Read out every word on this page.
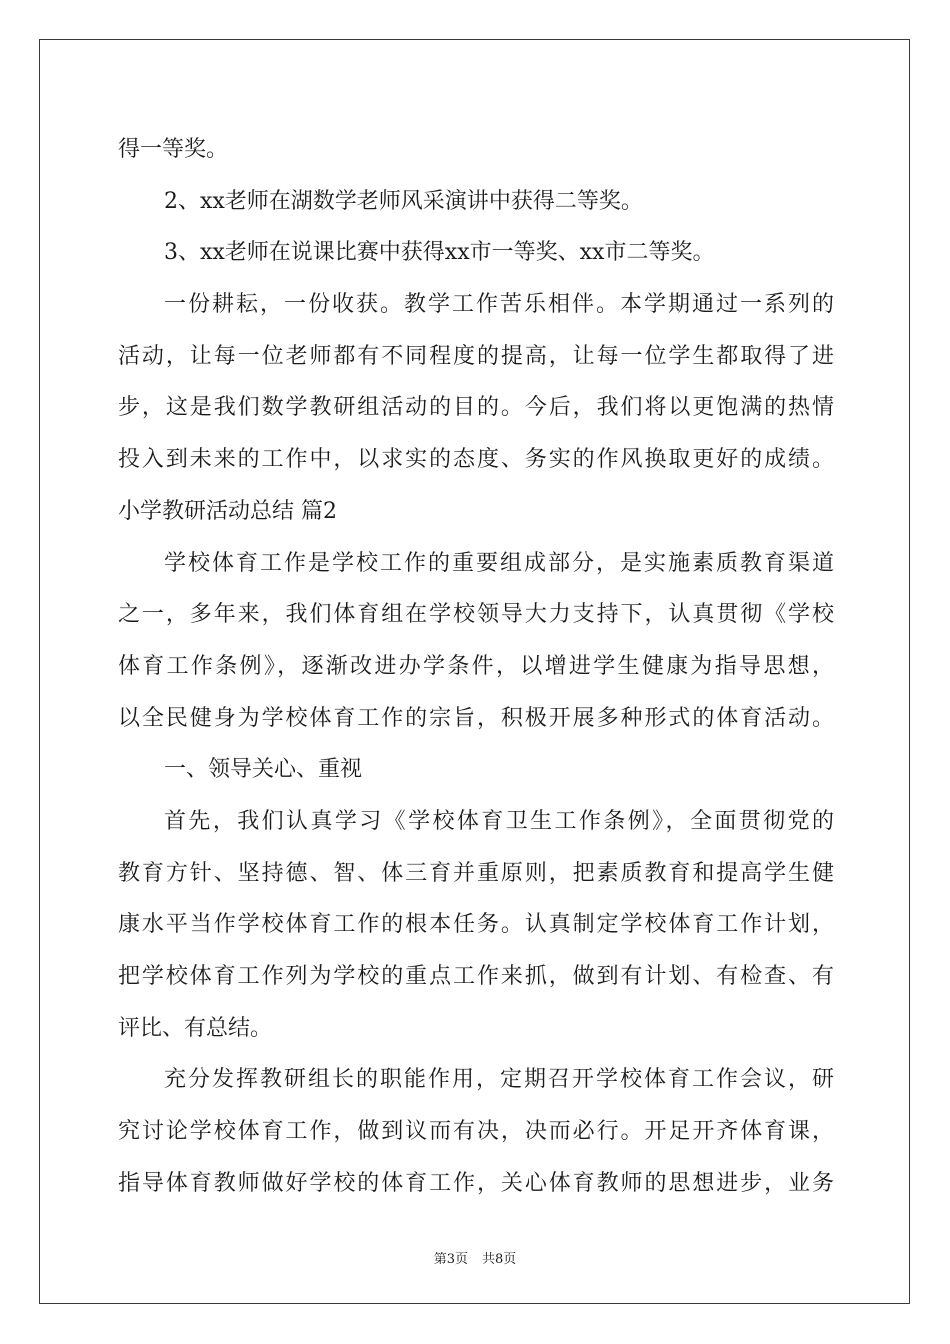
得一等奖。
2、xx老师在湖数学老师风采演讲中获得二等奖。
3、xx老师在说课比赛中获得xx市一等奖、xx市二等奖。
一份耕耘，一份收获。教学工作苦乐相伴。本学期通过一系列的
活动，让每一位老师都有不同程度的提高，让每一位学生都取得了进
步，这是我们数学教研组活动的目的。今后，我们将以更饱满的热情
投入到未来的工作中，以求实的态度、务实的作风换取更好的成绩。
小学教研活动总结 篇2
学校体育工作是学校工作的重要组成部分，是实施素质教育渠道
之一，多年来，我们体育组在学校领导大力支持下，认真贯彻《学校
体育工作条例》，逐渐改进办学条件，以增进学生健康为指导思想，
以全民健身为学校体育工作的宗旨，积极开展多种形式的体育活动。
一、领导关心、重视
首先，我们认真学习《学校体育卫生工作条例》，全面贯彻党的
教育方针、坚持德、智、体三育并重原则，把素质教育和提高学生健
康水平当作学校体育工作的根本任务。认真制定学校体育工作计划，
把学校体育工作列为学校的重点工作来抓，做到有计划、有检查、有
评比、有总结。
充分发挥教研组长的职能作用，定期召开学校体育工作会议，研
究讨论学校体育工作，做到议而有决，决而必行。开足开齐体育课，
指导体育教师做好学校的体育工作，关心体育教师的思想进步，业务
第3页 共8页
